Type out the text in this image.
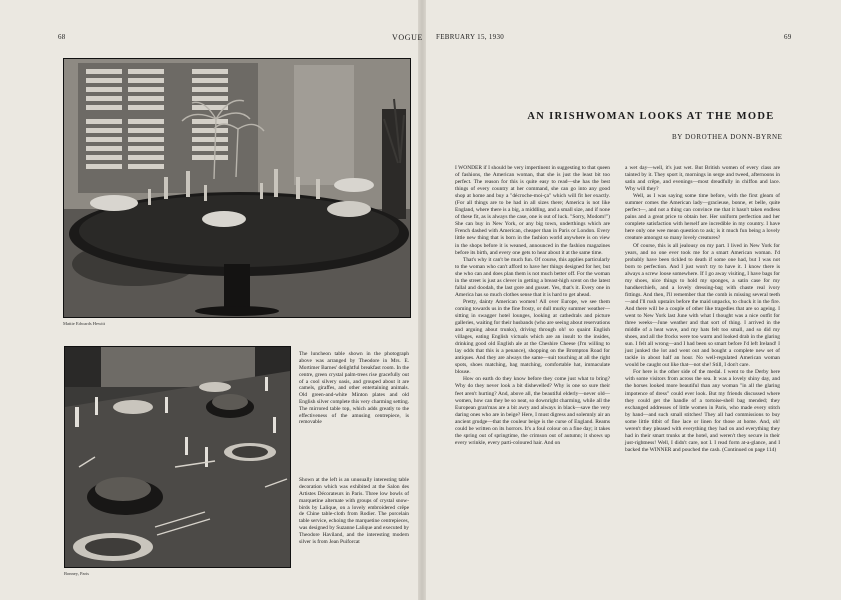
68	VOGUE FEBRUARY 15, 1930	69
Mattie Edwards Hewitt
Bonney, Paris

The luncheon table shown in the photograph above was arranged by Theodore in Mrs. E. Mortimer Barnes' delightful breakfast room. In the centre, green crystal palm-trees rise gracefully out of a cool silvery oasis, and grouped about it are camels, giraffes, and other entertaining animals. Old green-and-white Minton plates and old English silver complete this very charming setting. The mirrored table top, which adds greatly to the effectiveness of the amusing centrepiece, is removable

Shown at the left is an unusually interesting table decoration which was exhibited at the Salon des Artistes Décorateurs in Paris. Three low bowls of marquetine alternate with groups of crystal snow-birds by Lalique, on a lovely embroidered crêpe de Chine table-cloth from Rodier. The porcelain table service, echoing the marquetine centrepieces, was designed by Suzanne Lalique and executed by Theodore Haviland, and the interesting modern silver is from Jean Puiforcat

AN IRISHWOMAN LOOKS AT THE MODE
BY DOROTHEA DONN-BYRNE

I WONDER if I should be very impertinent in suggesting to that queen of fashions, the American woman, that she is just the least bit too perfect. The reason for this is quite easy to read—she has the best things of every country at her command, she can go into any good shop at home and buy a "décroche-moi-ça" which will fit her exactly. (For all things are to be had in all sizes there; America is not like England, where there is a big, a middling, and a small size, and if none of these fit, as is always the case, one is out of luck. "Sorry, Modom!") She can buy in New York, or any big town, underthings which are French dashed with American, cheaper than in Paris or London. Every little new thing that is born in the fashion world anywhere is on view in the shops before it is weaned, announced in the fashion magazines before its birth, and every one gets to hear about it at the same time.

That's why it can't be much fun. Of course, this applies particularly to the woman who can't afford to have her things designed for her, but she who can and does plan them is not much better off. For the woman in the street is just as clever in getting a breast-high scent on the latest fallal and doodah, the last gore and gusset. Yes, that's it. Every one in America has so much clothes sense that it is hard to get ahead.

Pretty, dainty American women! All over Europe, we see them coming towards us in the fine frosty, or dull murky summer weather—sitting in swagger hotel lounges, looking at cathedrals and picture galleries, waiting for their husbands (who are seeing about reservations and arguing about trunks), driving through oh! so quaint English villages, eating English victuals which are an insult to the insides, drinking good old English ale at the Cheshire Cheese (I'm willing to lay odds that this is a penance), shopping on the Brompton Road for antiques. And they are always the same—suit touching at all the right spots, shoes matching, bag matching, comfortable hat, immaculate blouse.

How on earth do they know before they come just what to bring? Why do they never look a bit dishevelled? Why is one so sure their feet aren't hurting? And, above all, the beautiful elderly—never old—women, how can they be so neat, so downright charming, while all the European gran'mas are a bit awry and always in black—save the very daring ones who are in beige? Here, I must digress and solemnly air an ancient grudge—that the couleur beige is the curse of England. Reams could be written on its horrors. It's a foul colour on a fine day; it takes the spring out of springtime, the crimson out of autumn; it shows up every wrinkle, every parti-coloured hair. And on

a wet day—well, it's just wet. But British women of every class are tainted by it. They sport it, mornings in serge and tweed, afternoons in satin and crêpe, and evenings—most dreadfully in chiffon and lace. Why will they?

Well, as I was saying some time before, with the first gleam of summer comes the American lady—gracieuse, bonne, et belle, quite perfect—, and not a thing can convince me that it hasn't taken endless pains and a great price to obtain her. Her uniform perfection and her complete satisfaction with herself are incredible in my country. I have here only one wee mean question to ask; is it much fun being a lovely creature amongst so many lovely creatures?

Of course, this is all jealousy on my part. I lived in New York for years, and no one ever took me for a smart American woman. I'd probably have been tickled to death if some one had, but I was not born to perfection. And I just won't try to have it. I know there is always a screw loose somewhere. If I go away visiting, I have bags for my shoes, nice things to hold my sponges, a satin case for my handkerchiefs, and a lovely dressing-bag with chaste real ivory fittings. And then, I'll remember that the comb is missing several teeth—and I'll rush upstairs before the maid unpacks, to chuck it in the fire. And there will be a couple of other like tragedies that are so ageing. I went to New York last June with what I thought was a nice outfit for three weeks—June weather and that sort of thing. I arrived in the middle of a heat wave, and my hats felt too small, and so did my shoes, and all the frocks were too warm and looked drab in the glaring sun. I felt all wrong—and I had been so smart before I'd left Ireland! I just junked the lot and went out and bought a complete new set of tackle in about half an hour. No well-regulated American woman would be caught out like that—not she! Still, I don't care.

For here is the other side of the medal. I went to the Derby here with some visitors from across the sea. It was a lovely shiny day, and the horses looked more beautiful than any woman "in all the glaring impotence of dress" could ever look. But my friends discussed where they could get the handle of a tortoise-shell bag mended; they exchanged addresses of little women in Paris, who made every stitch by hand—and such small stitches! They all had commissions to buy some little titbit of fine lace or linen for those at home. And, oh! weren't they pleased with everything they had on and everything they had in their smart trunks at the hotel, and weren't they secure in their just-rightness! Well, I didn't care, not I. I read form at-a-glance, and I backed the WINNER and pouched the cash. (Continued on page 114)
